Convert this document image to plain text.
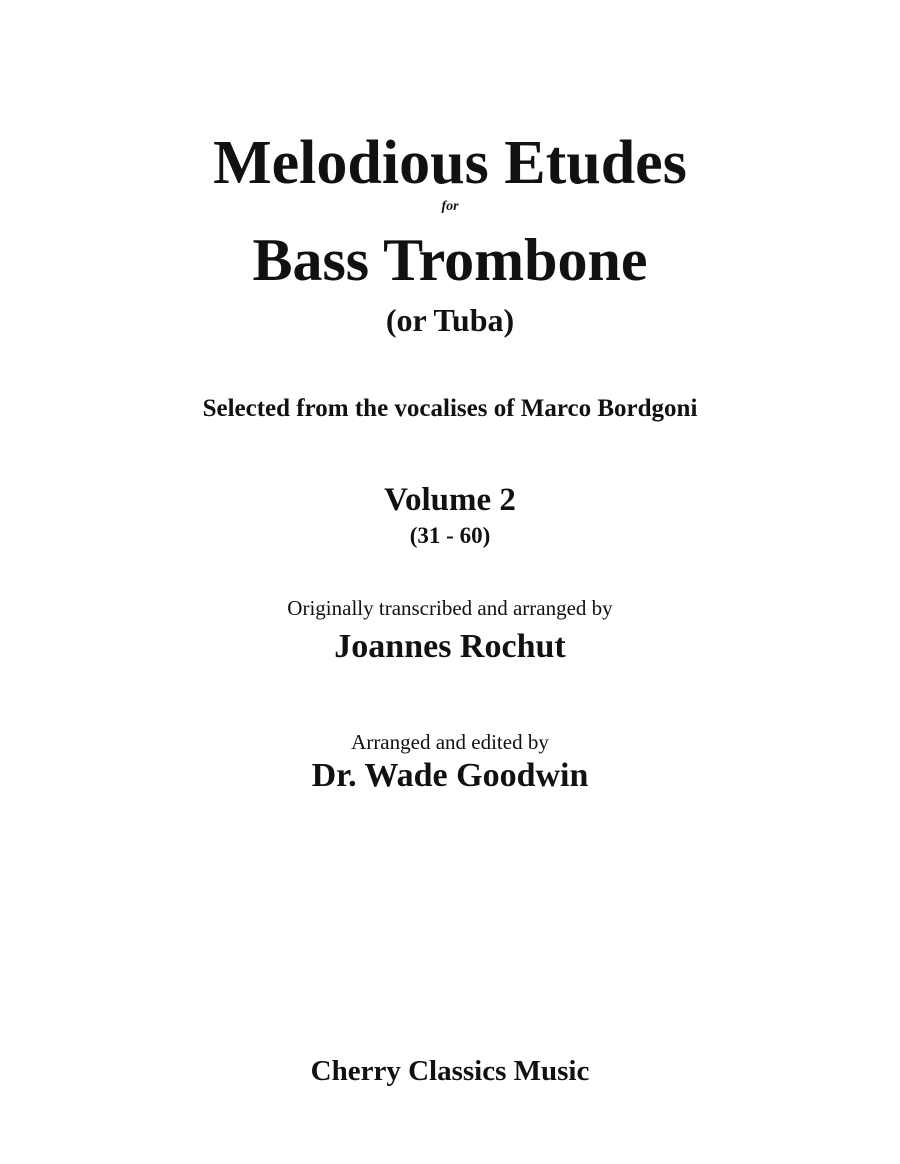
Melodious Etudes
for
Bass Trombone
(or Tuba)
Selected from the vocalises of Marco Bordgoni
Volume 2
(31 - 60)
Originally transcribed and arranged by
Joannes Rochut
Arranged and edited by
Dr. Wade Goodwin
Cherry Classics Music
